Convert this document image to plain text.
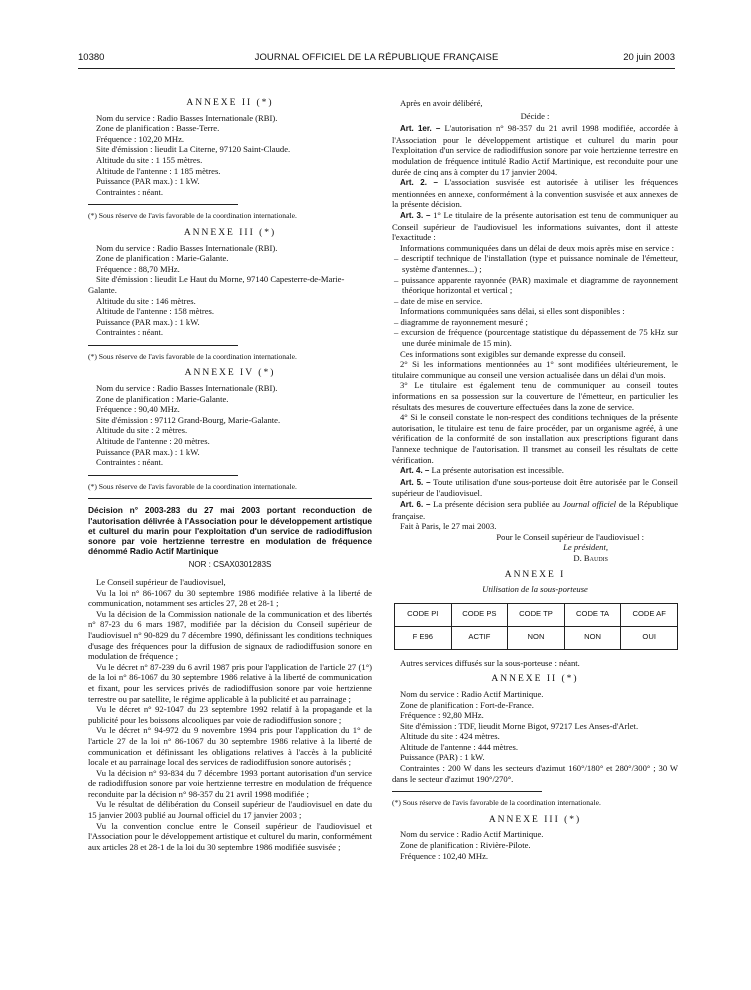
10380	JOURNAL OFFICIEL DE LA RÉPUBLIQUE FRANÇAISE	20 juin 2003

ANNEXE II (*)

Nom du service : Radio Basses Internationale (RBI).

Zone de planification : Basse-Terre.

Fréquence : 102,20 MHz.

Site d'émission : lieudit La Citerne, 97120 Saint-Claude.

Altitude du site : 1 155 mètres.

Altitude de l'antenne : 1 185 mètres.

Puissance (PAR max.) : 1 kW.

Contraintes : néant.

(*) Sous réserve de l'avis favorable de la coordination internationale.

ANNEXE III (*)

Nom du service : Radio Basses Internationale (RBI).

Zone de planification : Marie-Galante.

Fréquence : 88,70 MHz.

Site d'émission : lieudit Le Haut du Morne, 97140 Capesterre-de-Marie-Galante.

Altitude du site : 146 mètres.

Altitude de l'antenne : 158 mètres.

Puissance (PAR max.) : 1 kW.

Contraintes : néant.

(*) Sous réserve de l'avis favorable de la coordination internationale.

ANNEXE IV (*)

Nom du service : Radio Basses Internationale (RBI).

Zone de planification : Marie-Galante.

Fréquence : 90,40 MHz.

Site d'émission : 97112 Grand-Bourg, Marie-Galante.

Altitude du site : 2 mètres.

Altitude de l'antenne : 20 mètres.

Puissance (PAR max.) : 1 kW.

Contraintes : néant.

(*) Sous réserve de l'avis favorable de la coordination internationale.

Décision n° 2003-283 du 27 mai 2003 portant reconduction de l'autorisation délivrée à l'Association pour le développement artistique et culturel du marin pour l'exploitation d'un service de radiodiffusion sonore par voie hertzienne terrestre en modulation de fréquence dénommé Radio Actif Martinique

NOR : CSAX0301283S

Le Conseil supérieur de l'audiovisuel,

Vu la loi n° 86-1067 du 30 septembre 1986 modifiée relative à la liberté de communication, notamment ses articles 27, 28 et 28-1 ;

Vu la décision de la Commission nationale de la communication et des libertés n° 87-23 du 6 mars 1987, modifiée par la décision du Conseil supérieur de l'audiovisuel n° 90-829 du 7 décembre 1990, définissant les conditions techniques d'usage des fréquences pour la diffusion de signaux de radiodiffusion sonore en modulation de fréquence ;

Vu le décret n° 87-239 du 6 avril 1987 pris pour l'application de l'article 27 (1°) de la loi n° 86-1067 du 30 septembre 1986 relative à la liberté de communication et fixant, pour les services privés de radiodiffusion sonore par voie hertzienne terrestre ou par satellite, le régime applicable à la publicité et au parrainage ;

Vu le décret n° 92-1047 du 23 septembre 1992 relatif à la propagande et la publicité pour les boissons alcooliques par voie de radiodiffusion sonore ;

Vu le décret n° 94-972 du 9 novembre 1994 pris pour l'application du 1° de l'article 27 de la loi n° 86-1067 du 30 septembre 1986 relative à la liberté de communication et définissant les obligations relatives à l'accès à la publicité locale et au parrainage local des services de radiodiffusion sonore autorisés ;

Vu la décision n° 93-834 du 7 décembre 1993 portant autorisation d'un service de radiodiffusion sonore par voie hertzienne terrestre en modulation de fréquence reconduite par la décision n° 98-357 du 21 avril 1998 modifiée ;

Vu le résultat de délibération du Conseil supérieur de l'audiovisuel en date du 15 janvier 2003 publié au Journal officiel du 17 janvier 2003 ;

Vu la convention conclue entre le Conseil supérieur de l'audiovisuel et l'Association pour le développement artistique et culturel du marin, conformément aux articles 28 et 28-1 de la loi du 30 septembre 1986 modifiée susvisée ;

Après en avoir délibéré,

Décide :

Art. 1er. – L'autorisation n° 98-357 du 21 avril 1998 modifiée, accordée à l'Association pour le développement artistique et culturel du marin pour l'exploitation d'un service de radiodiffusion sonore par voie hertzienne terrestre en modulation de fréquence intitulé Radio Actif Martinique, est reconduite pour une durée de cinq ans à compter du 17 janvier 2004.

Art. 2. – L'association susvisée est autorisée à utiliser les fréquences mentionnées en annexe, conformément à la convention susvisée et aux annexes de la présente décision.

Art. 3. – 1° Le titulaire de la présente autorisation est tenu de communiquer au Conseil supérieur de l'audiovisuel les informations suivantes, dont il atteste l'exactitude :

Informations communiquées dans un délai de deux mois après mise en service :

– descriptif technique de l'installation (type et puissance nominale de l'émetteur, système d'antennes...) ;

– puissance apparente rayonnée (PAR) maximale et diagramme de rayonnement théorique horizontal et vertical ;

– date de mise en service.

Informations communiquées sans délai, si elles sont disponibles :

– diagramme de rayonnement mesuré ;

– excursion de fréquence (pourcentage statistique du dépassement de 75 kHz sur une durée minimale de 15 min).

Ces informations sont exigibles sur demande expresse du conseil.

2° Si les informations mentionnées au 1° sont modifiées ultérieurement, le titulaire communique au conseil une version actualisée dans un délai d'un mois.

3° Le titulaire est également tenu de communiquer au conseil toutes informations en sa possession sur la couverture de l'émetteur, en particulier les résultats des mesures de couverture effectuées dans la zone de service.

4° Si le conseil constate le non-respect des conditions techniques de la présente autorisation, le titulaire est tenu de faire procéder, par un organisme agréé, à une vérification de la conformité de son installation aux prescriptions figurant dans l'annexe technique de l'autorisation. Il transmet au conseil les résultats de cette vérification.

Art. 4. – La présente autorisation est incessible.

Art. 5. – Toute utilisation d'une sous-porteuse doit être autorisée par le Conseil supérieur de l'audiovisuel.

Art. 6. – La présente décision sera publiée au Journal officiel de la République française.

Fait à Paris, le 27 mai 2003.

Pour le Conseil supérieur de l'audiovisuel :

Le président,

D. Baudis

ANNEXE I

Utilisation de la sous-porteuse

CODE PI	CODE PS	CODE TP	CODE TA	CODE AF
F E96	ACTIF	NON	NON	OUI

Autres services diffusés sur la sous-porteuse : néant.

ANNEXE II (*)

Nom du service : Radio Actif Martinique.

Zone de planification : Fort-de-France.

Fréquence : 92,80 MHz.

Site d'émission : TDF, lieudit Morne Bigot, 97217 Les Anses-d'Arlet.

Altitude du site : 424 mètres.

Altitude de l'antenne : 444 mètres.

Puissance (PAR) : 1 kW.

Contraintes : 200 W dans les secteurs d'azimut 160°/180° et 280°/300° ; 30 W dans le secteur d'azimut 190°/270°.

(*) Sous réserve de l'avis favorable de la coordination internationale.

ANNEXE III (*)

Nom du service : Radio Actif Martinique.

Zone de planification : Rivière-Pilote.

Fréquence : 102,40 MHz.
